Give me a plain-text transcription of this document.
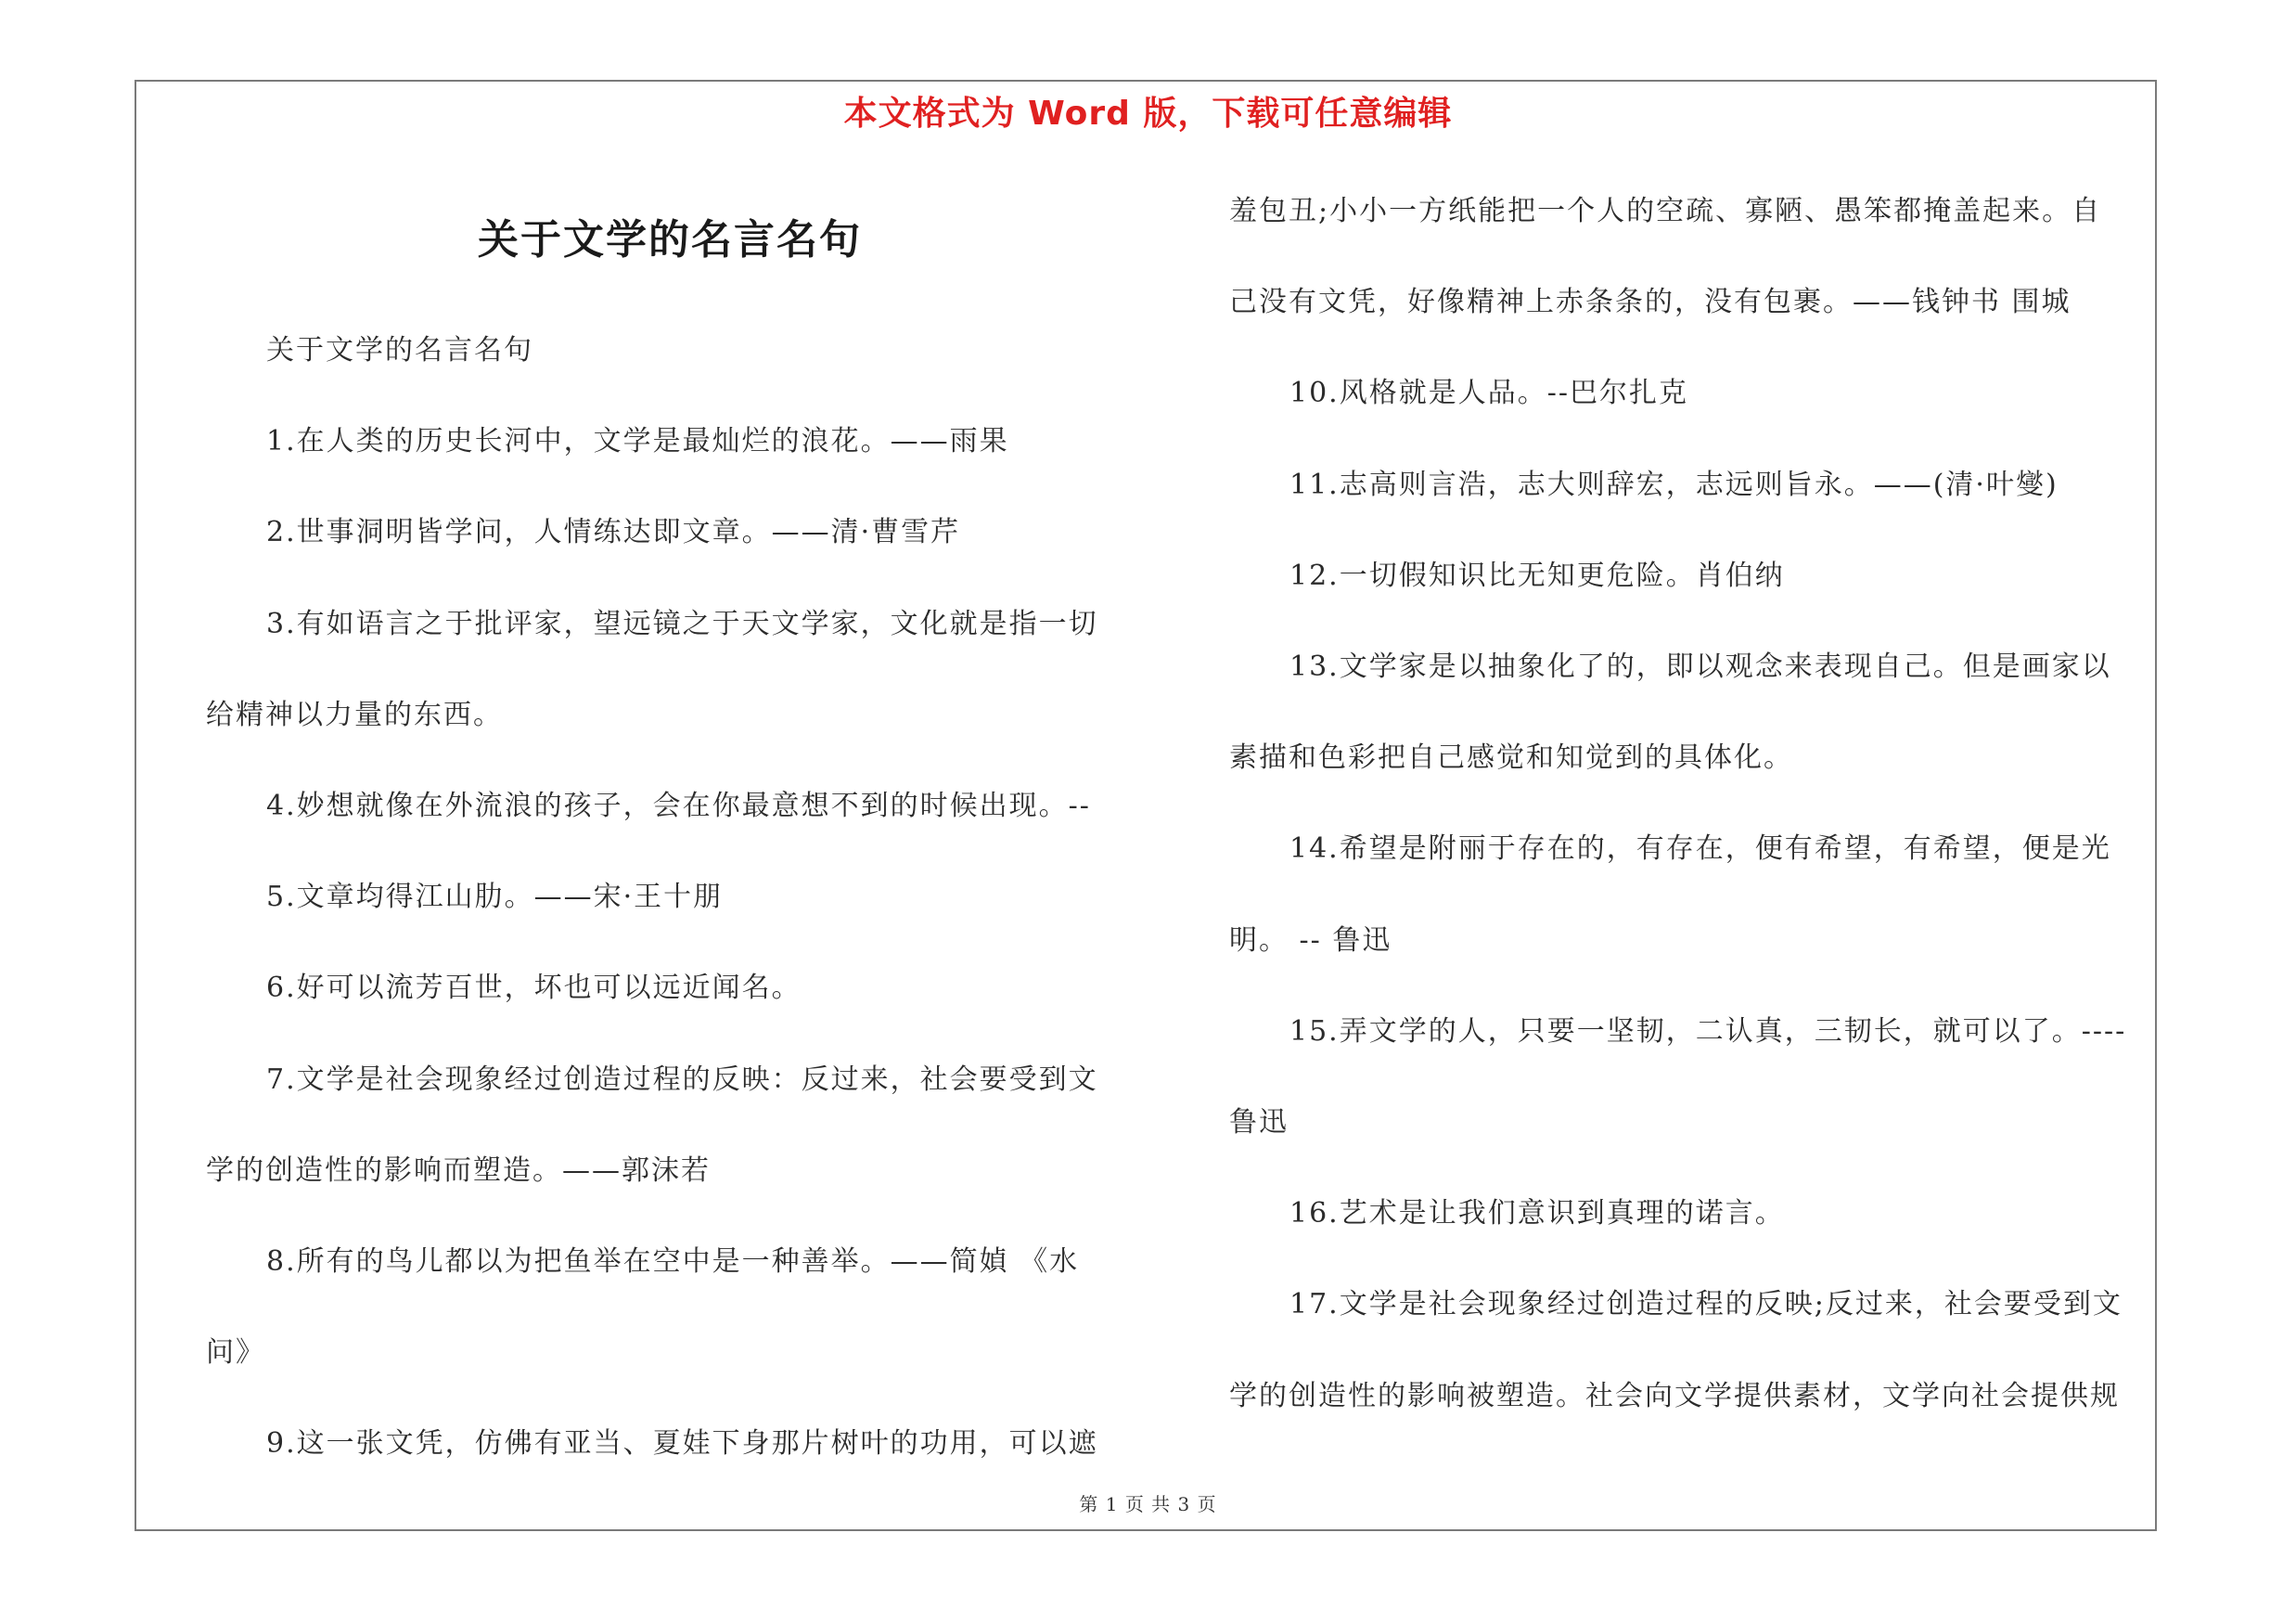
本文格式为 Word 版，下载可任意编辑
关于文学的名言名句
关于文学的名言名句
1.在人类的历史长河中，文学是最灿烂的浪花。——雨果
2.世事洞明皆学问，人情练达即文章。——清·曹雪芹
3.有如语言之于批评家，望远镜之于天文学家，文化就是指一切
给精神以力量的东西。
4.妙想就像在外流浪的孩子，会在你最意想不到的时候出现。--
5.文章均得江山肋。——宋·王十朋
6.好可以流芳百世，坏也可以远近闻名。
7.文学是社会现象经过创造过程的反映：反过来，社会要受到文
学的创造性的影响而塑造。——郭沫若
8.所有的鸟儿都以为把鱼举在空中是一种善举。——简媜 《水
问》
9.这一张文凭，仿佛有亚当、夏娃下身那片树叶的功用，可以遮
羞包丑;小小一方纸能把一个人的空疏、寡陋、愚笨都掩盖起来。自
己没有文凭，好像精神上赤条条的，没有包裹。——钱钟书 围城
10.风格就是人品。--巴尔扎克
11.志高则言浩，志大则辞宏，志远则旨永。——(清·叶燮)
12.一切假知识比无知更危险。肖伯纳
13.文学家是以抽象化了的，即以观念来表现自己。但是画家以
素描和色彩把自己感觉和知觉到的具体化。
14.希望是附丽于存在的，有存在，便有希望，有希望，便是光
明。 -- 鲁迅
15.弄文学的人，只要一坚韧，二认真，三韧长，就可以了。----
鲁迅
16.艺术是让我们意识到真理的诺言。
17.文学是社会现象经过创造过程的反映;反过来，社会要受到文
学的创造性的影响被塑造。社会向文学提供素材，文学向社会提供规
第 1 页 共 3 页
